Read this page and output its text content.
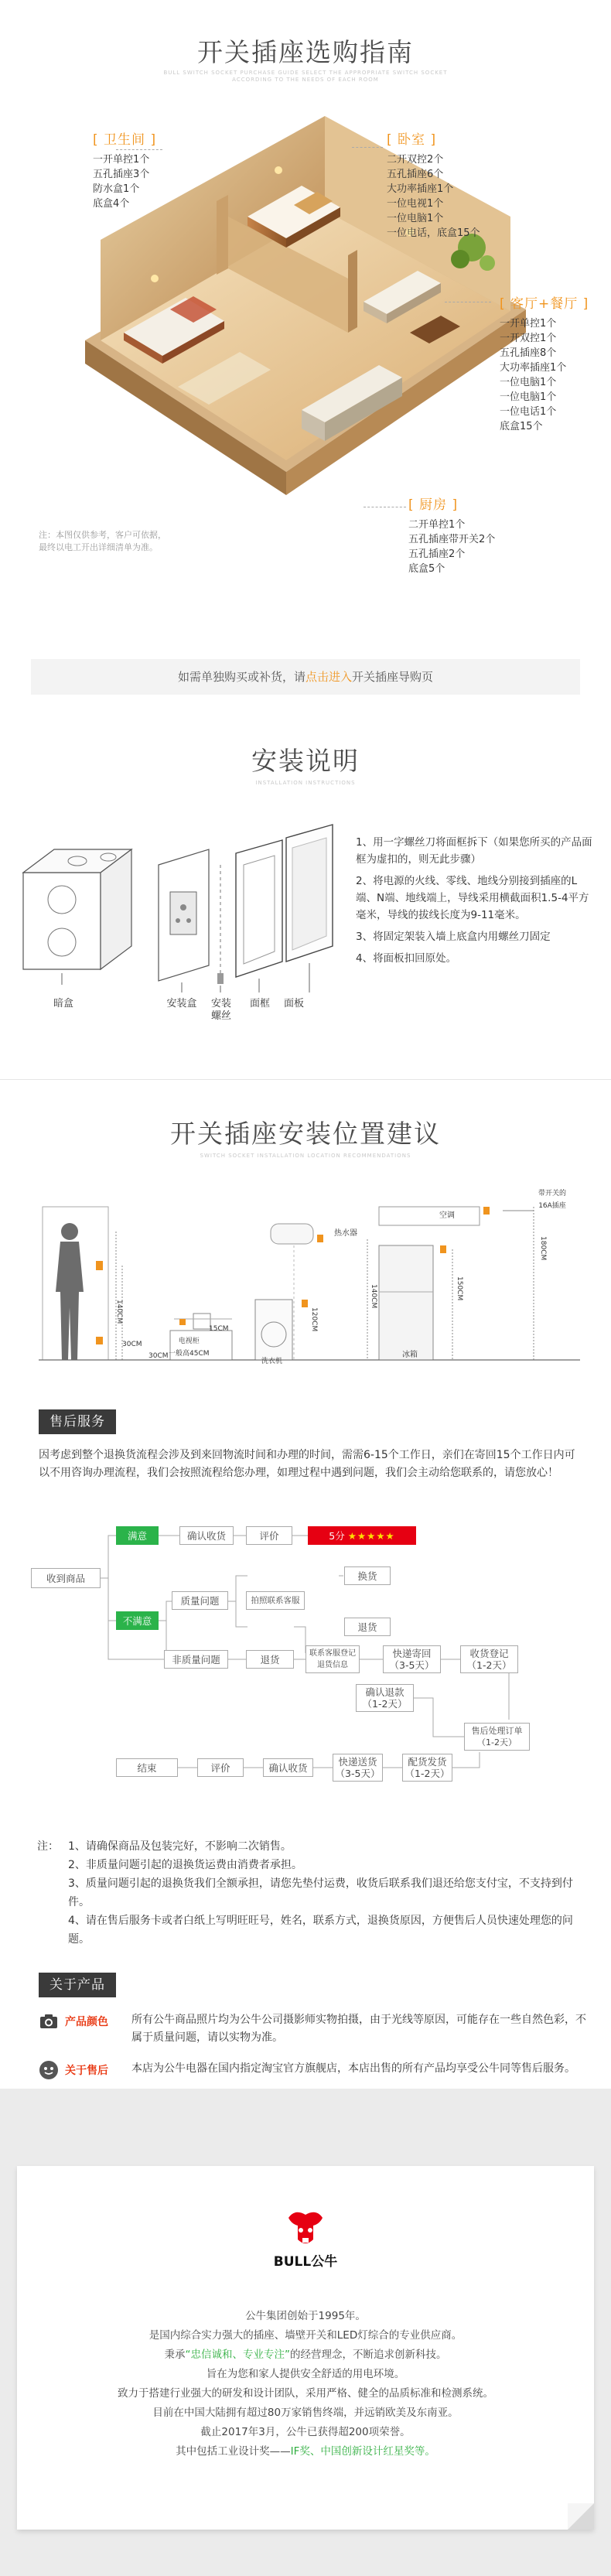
开关插座选购指南
BULL SWITCH SOCKET PURCHASE GUIDE SELECT THE APPROPRIATE SWITCH SOCKET ACCORDING TO THE NEEDS OF EACH ROOM
[ 卫生间 ]
一开单控1个
五孔插座3个
防水盒1个
底盒4个
[ 卧室 ]
二开双控2个
五孔插座6个
大功率插座1个
一位电视1个
一位电脑1个
一位电话，底盒15个
[ 客厅+餐厅 ]
一开单控1个
一开双控1个
五孔插座8个
大功率插座1个
一位电脑1个
一位电脑1个
一位电话1个
底盒15个
[ 厨房 ]
二开单控1个
五孔插座带开关2个
五孔插座2个
底盒5个
注：本图仅供参考，客户可依据，
最终以电工开出详细清单为准。
如需单独购买或补货，请点击进入开关插座导购页
安装说明
INSTALLATION INSTRUCTIONS
暗盒	安装盒	安装
螺丝
面框	面板

1、用一字螺丝刀将面框拆下（如果您所买的产品面框为虚扣的，则无此步骤）

2、将电源的火线、零线、地线分别接到插座的L端、N端、地线端上，导线采用横截面积1.5-4平方毫米，导线的拔线长度为9-11毫米。

3、将固定架装入墙上底盒内用螺丝刀固定

4、将面板扣回原处。

开关插座安装位置建议
SWITCH SOCKET INSTALLATION LOCATION RECOMMENDATIONS
热水器
空调
带开关的
16A插座
140CM
30CM
15CM
电视柜
一般高45CM
120CM
洗衣机
140CM	150CM
冰箱
180CM
30CM
售后服务
因考虑到整个退换货流程会涉及到来回物流时间和办理的时间，需需6-15个工作日，亲们在寄回15个工作日内可以不用咨询办理流程，我们会按照流程给您办理，如理过程中遇到问题，我们会主动给您联系的，请您放心！
收到商品
满意	确认收货	评价	5分 ★★★★★
不满意
质量问题	拍照联系客服
换货
退货
非质量问题	退货	联系客服登记
退货信息
快递寄回
（3-5天）
收货登记
（1-2天）
确认退款
（1-2天）
售后处理订单
（1-2天）
配货发货
（1-2天）
快递送货
（3-5天）
确认收货
评价
结束
注： 1、请确保商品及包装完好，不影响二次销售。
2、非质量问题引起的退换货运费由消费者承担。
3、质量问题引起的退换货我们全额承担，请您先垫付运费，收货后联系我们退还给您支付宝，不支持到付件。
4、请在售后服务卡或者白纸上写明旺旺号，姓名，联系方式，退换货原因，方便售后人员快速处理您的问题。
关于产品
产品颜色	所有公牛商品照片均为公牛公司摄影师实物拍摄，由于光线等原因，可能存在一些自然色彩，不属于质量问题，请以实物为准。
关于售后	本店为公牛电器在国内指定淘宝官方旗舰店，本店出售的所有产品均享受公牛同等售后服务。
BULL公牛
公牛集团创始于1995年。
是国内综合实力强大的插座、墙壁开关和LED灯综合的专业供应商。
秉承“忠信诚和、专业专注”的经营理念，不断追求创新科技。
旨在为您和家人提供安全舒适的用电环境。
致力于搭建行业强大的研发和设计团队，采用严格、健全的品质标准和检测系统。
目前在中国大陆拥有超过80万家销售终端，并远销欧美及东南亚。
截止2017年3月，公牛已获得超200项荣誉。
其中包括工业设计奖——IF奖、中国创新设计红星奖等。
